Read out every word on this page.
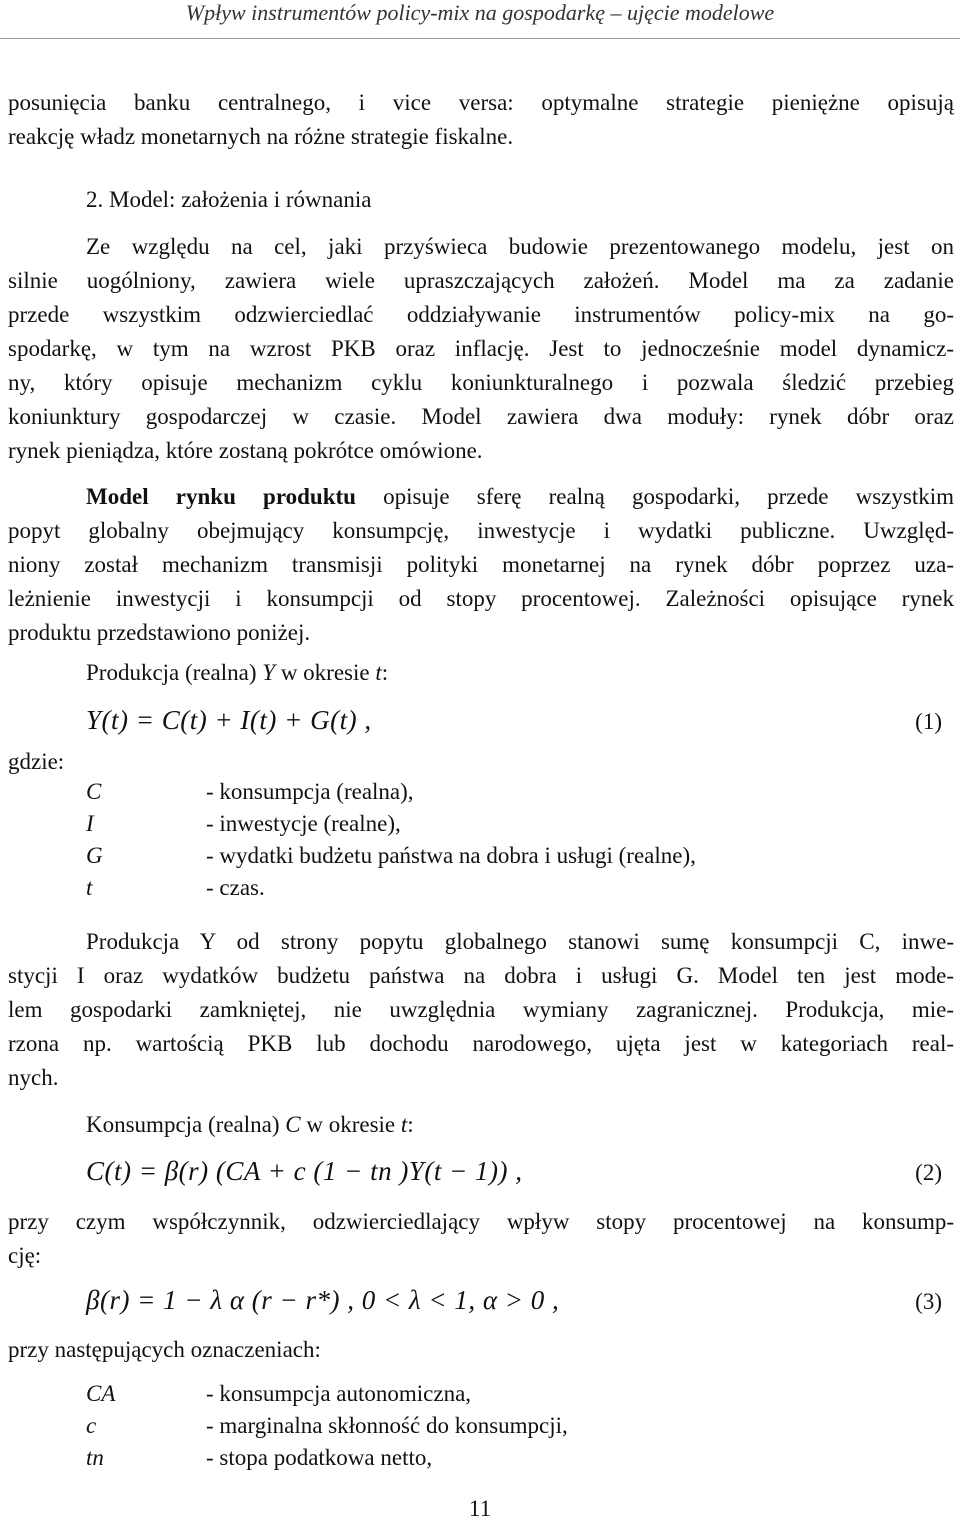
Wpływ instrumentów policy-mix na gospodarkę – ujęcie modelowe
posunięcia banku centralnego, i vice versa: optymalne strategie pieniężne opisują
reakcję władz monetarnych na różne strategie fiskalne.
2. Model: założenia i równania
Ze względu na cel, jaki przyświeca budowie prezentowanego modelu, jest on
silnie uogólniony, zawiera wiele upraszczających założeń. Model ma za zadanie
przede wszystkim odzwierciedlać oddziaływanie instrumentów policy-mix na go-
spodarkę, w tym na wzrost PKB oraz inflację. Jest to jednocześnie model dynamicz-
ny, który opisuje mechanizm cyklu koniunkturalnego i pozwala śledzić przebieg
koniunktury gospodarczej w czasie. Model zawiera dwa moduły: rynek dóbr oraz
rynek pieniądza, które zostaną pokrótce omówione.
Model rynku produktu opisuje sferę realną gospodarki, przede wszystkim
popyt globalny obejmujący konsumpcję, inwestycje i wydatki publiczne. Uwzględ-
niony został mechanizm transmisji polityki monetarnej na rynek dóbr poprzez uza-
leżnienie inwestycji i konsumpcji od stopy procentowej. Zależności opisujące rynek
produktu przedstawiono poniżej.
Produkcja (realna) Y w okresie t:
Y(t) = C(t) + I(t) + G(t) ,	(1)
gdzie:
C	- konsumpcja (realna),
I	- inwestycje (realne),
G	- wydatki budżetu państwa na dobra i usługi (realne),
t	- czas.
Produkcja Y od strony popytu globalnego stanowi sumę konsumpcji C, inwe-
stycji I oraz wydatków budżetu państwa na dobra i usługi G. Model ten jest mode-
lem gospodarki zamkniętej, nie uwzględnia wymiany zagranicznej. Produkcja, mie-
rzona np. wartością PKB lub dochodu narodowego, ujęta jest w kategoriach real-
nych.
Konsumpcja (realna) C w okresie t:
C(t) = β(r) (CA + c (1 − tn )Y(t − 1)) ,	(2)
przy czym współczynnik, odzwierciedlający wpływ stopy procentowej na konsump-
cję:
β(r) = 1 − λ α (r − r*) , 0 < λ < 1, α > 0 ,	(3)
przy następujących oznaczeniach:
CA	- konsumpcja autonomiczna,
c	- marginalna skłonność do konsumpcji,
tn	- stopa podatkowa netto,
11
